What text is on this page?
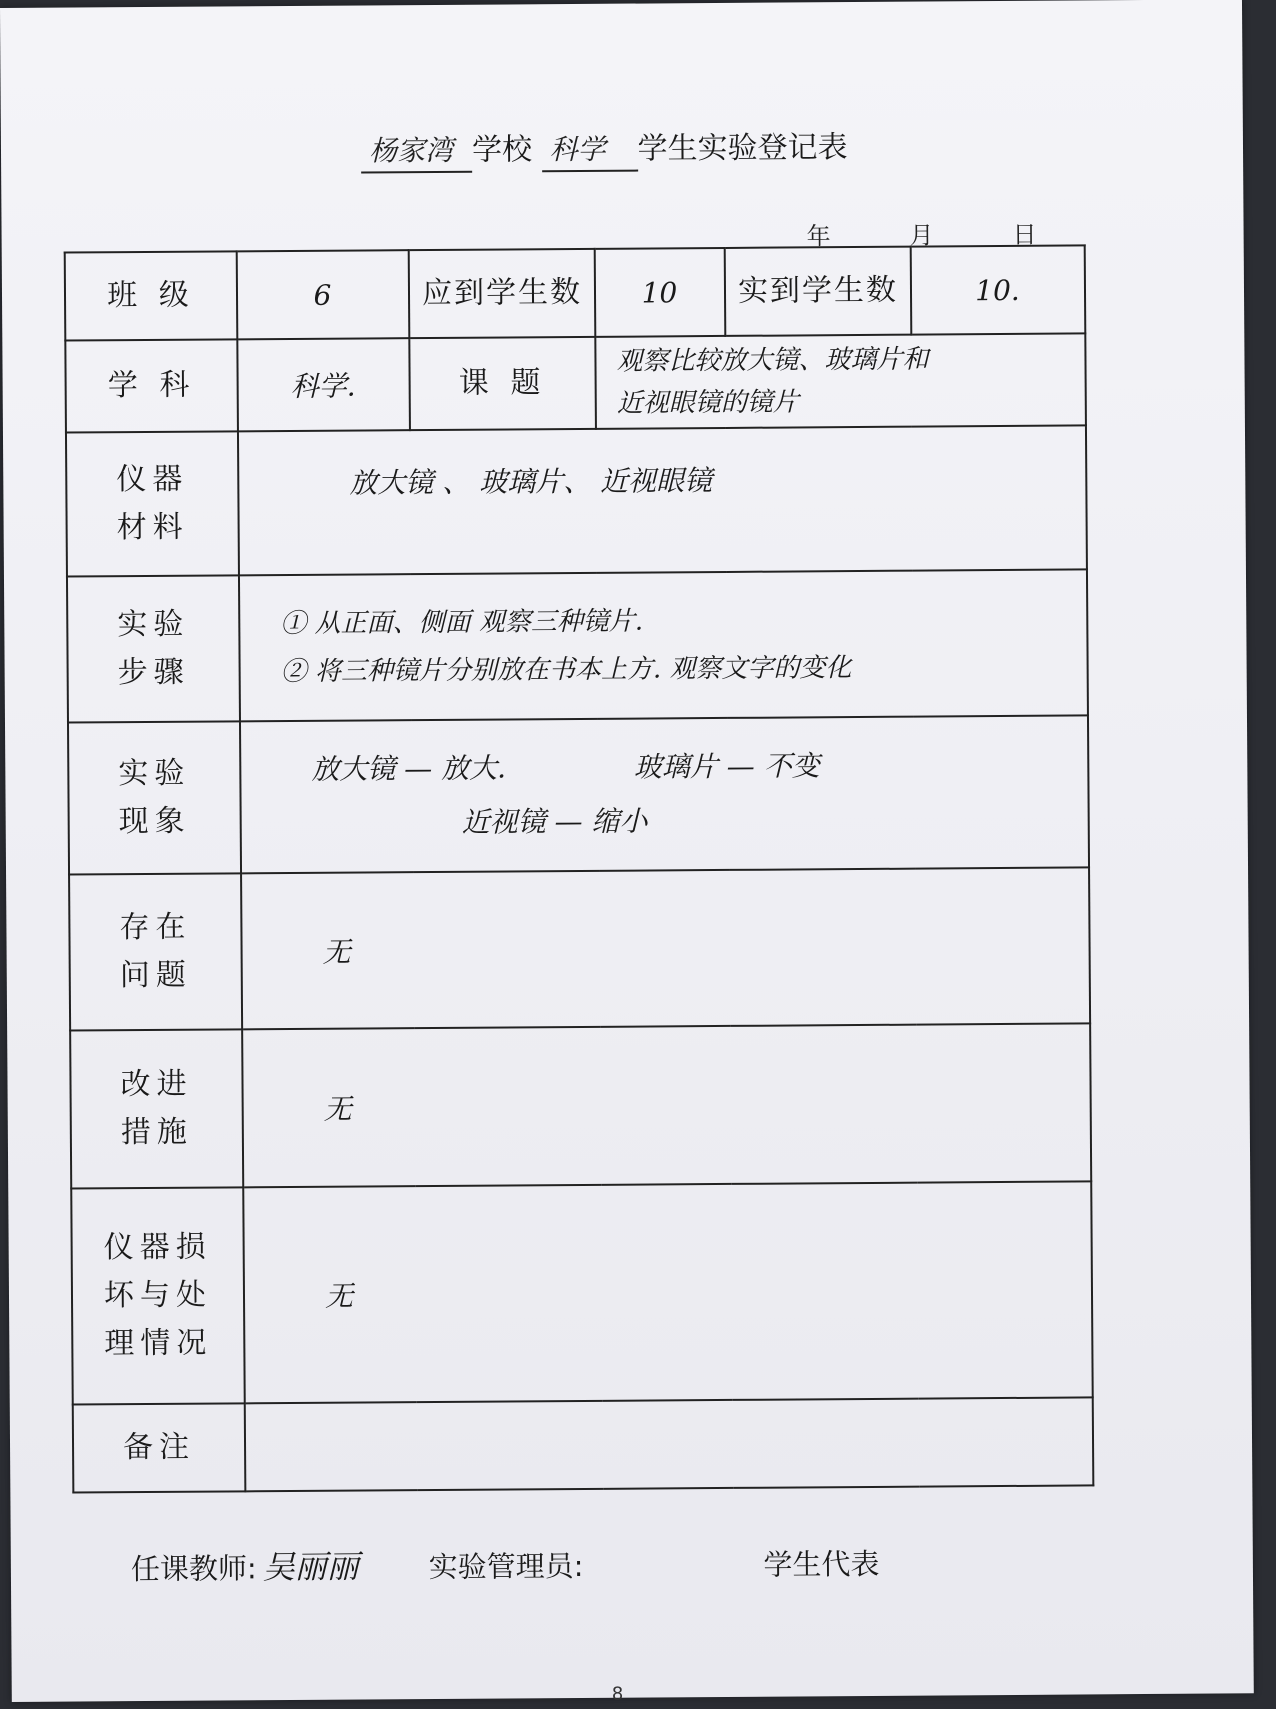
杨家湾 学校 科学 学生实验登记表
年	月	日
班 级	6	应到学生数	10	实到学生数	10.
学 科	科学.	课 题	观察比较放大镜、玻璃片和
近视眼镜的镜片		

仪器
材料	放大镜 、 玻璃片、 近视眼镜				

实验
步骤	① 从正面、侧面 观察三种镜片.
② 将三种镜片分别放在书本上方. 观察文字的变化				

实验
现象	放大镜 — 放大. 玻璃片 — 不变
近视镜 — 缩小				

存在
问题	无				

改进
措施	无				

仪器损
坏与处
理情况	无				
备注					
任课教师: 吴丽丽 实验管理员:	学生代表
8
